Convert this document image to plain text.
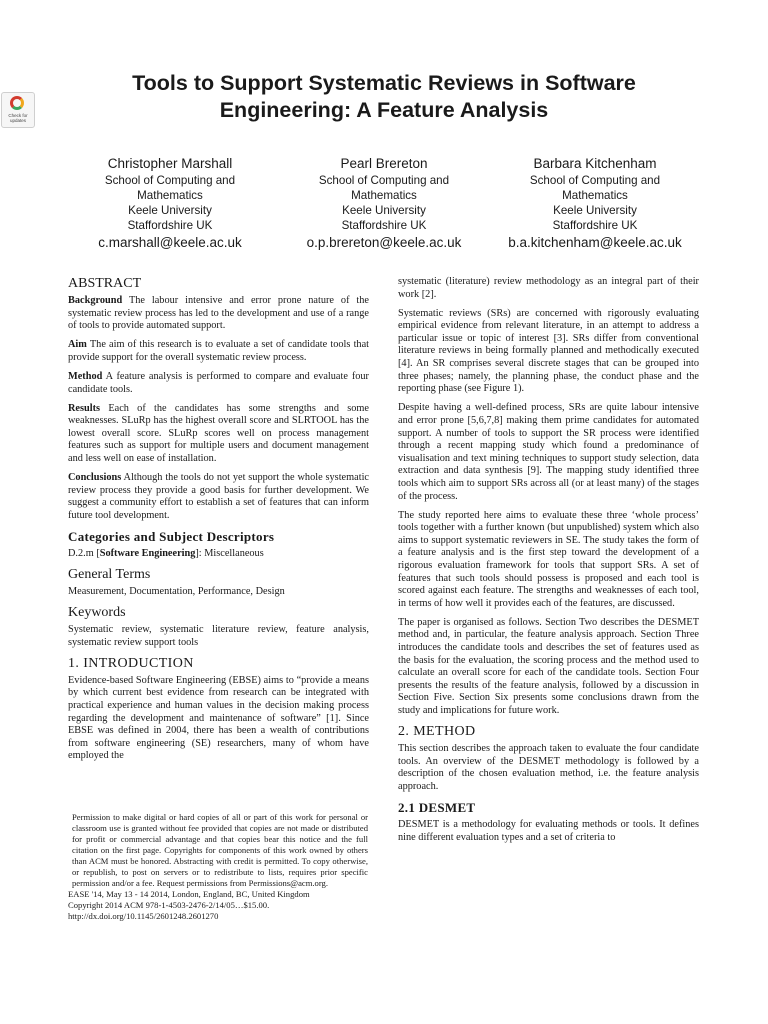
Check for updates
Tools to Support Systematic Reviews in Software
Engineering: A Feature Analysis
Christopher Marshall
School of Computing and
Mathematics
Keele University
Staffordshire UK
c.marshall@keele.ac.uk
Pearl Brereton
School of Computing and
Mathematics
Keele University
Staffordshire UK
o.p.brereton@keele.ac.uk
Barbara Kitchenham
School of Computing and
Mathematics
Keele University
Staffordshire UK
b.a.kitchenham@keele.ac.uk
ABSTRACT

Background The labour intensive and error prone nature of the systematic review process has led to the development and use of a range of tools to provide automated support.

Aim The aim of this research is to evaluate a set of candidate tools that provide support for the overall systematic review process.

Method A feature analysis is performed to compare and evaluate four candidate tools.

Results Each of the candidates has some strengths and some weaknesses. SLuRp has the highest overall score and SLRTOOL has the lowest overall score. SLuRp scores well on process management features such as support for multiple users and document management and less well on ease of installation.

Conclusions Although the tools do not yet support the whole systematic review process they provide a good basis for further development. We suggest a community effort to establish a set of features that can inform future tool development.

Categories and Subject Descriptors

D.2.m [Software Engineering]: Miscellaneous

General Terms

Measurement, Documentation, Performance, Design

Keywords

Systematic review, systematic literature review, feature analysis, systematic review support tools

1. INTRODUCTION

Evidence-based Software Engineering (EBSE) aims to “provide a means by which current best evidence from research can be integrated with practical experience and human values in the decision making process regarding the development and maintenance of software” [1]. Since EBSE was defined in 2004, there has been a wealth of contributions from software engineering (SE) researchers, many of whom have employed the

Permission to make digital or hard copies of all or part of this work for personal or classroom use is granted without fee provided that copies are not made or distributed for profit or commercial advantage and that copies bear this notice and the full citation on the first page. Copyrights for components of this work owned by others than ACM must be honored. Abstracting with credit is permitted. To copy otherwise, or republish, to post on servers or to redistribute to lists, requires prior specific permission and/or a fee. Request permissions from Permissions@acm.org.
EASE '14, May 13 - 14 2014, London, England, BC, United Kingdom
Copyright 2014 ACM 978-1-4503-2476-2/14/05…$15.00.
http://dx.doi.org/10.1145/2601248.2601270

systematic (literature) review methodology as an integral part of their work [2].

Systematic reviews (SRs) are concerned with rigorously evaluating empirical evidence from relevant literature, in an attempt to address a particular issue or topic of interest [3]. SRs differ from conventional literature reviews in being formally planned and methodically executed [4]. An SR comprises several discrete stages that can be grouped into three phases; namely, the planning phase, the conduct phase and the reporting phase (see Figure 1).

Despite having a well-defined process, SRs are quite labour intensive and error prone [5,6,7,8] making them prime candidates for automated support. A number of tools to support the SR process were identified through a recent mapping study which found a predominance of visualisation and text mining techniques to support study selection, data extraction and data synthesis [9]. The mapping study identified three tools which aim to support SRs across all (or at least many) of the stages of the process.

The study reported here aims to evaluate these three ‘whole process’ tools together with a further known (but unpublished) system which also aims to support systematic reviewers in SE. The study takes the form of a feature analysis and is the first step toward the development of a rigorous evaluation framework for tools that support SRs. A set of features that such tools should possess is proposed and each tool is scored against each feature. The strengths and weaknesses of each tool, in terms of how well it provides each of the features, are discussed.

The paper is organised as follows. Section Two describes the DESMET method and, in particular, the feature analysis approach. Section Three introduces the candidate tools and describes the set of features used as the basis for the evaluation, the scoring process and the method used to calculate an overall score for each of the candidate tools. Section Four presents the results of the feature analysis, followed by a discussion in Section Five. Section Six presents some conclusions drawn from the study and implications for future work.

2. METHOD

This section describes the approach taken to evaluate the four candidate tools. An overview of the DESMET methodology is followed by a description of the chosen evaluation method, i.e. the feature analysis approach.

2.1 DESMET

DESMET is a methodology for evaluating methods or tools. It defines nine different evaluation types and a set of criteria to
